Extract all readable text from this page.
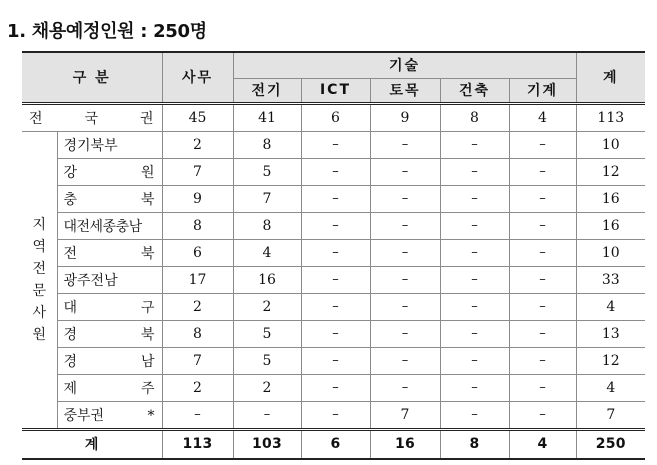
1. 채용예정인원 : 250명
구 분		사무	기술					계
			전기	ICT	토목	건축	기계	
전 국 권		45	41	6	9	8	4	113
지역전문사원	경기북부	2	8	–	–	–	–	10
	강 원	7	5	–	–	–	–	12
	충 북	9	7	–	–	–	–	16
	대전세종충남	8	8	–	–	–	–	16
	전 북	6	4	–	–	–	–	10
	광주전남	17	16	–	–	–	–	33
	대 구	2	2	–	–	–	–	4
	경 북	8	5	–	–	–	–	13
	경 남	7	5	–	–	–	–	12
	제 주	2	2	–	–	–	–	4
	중부권 *	–	–	–	7	–	–	7
계		113	103	6	16	8	4	250
